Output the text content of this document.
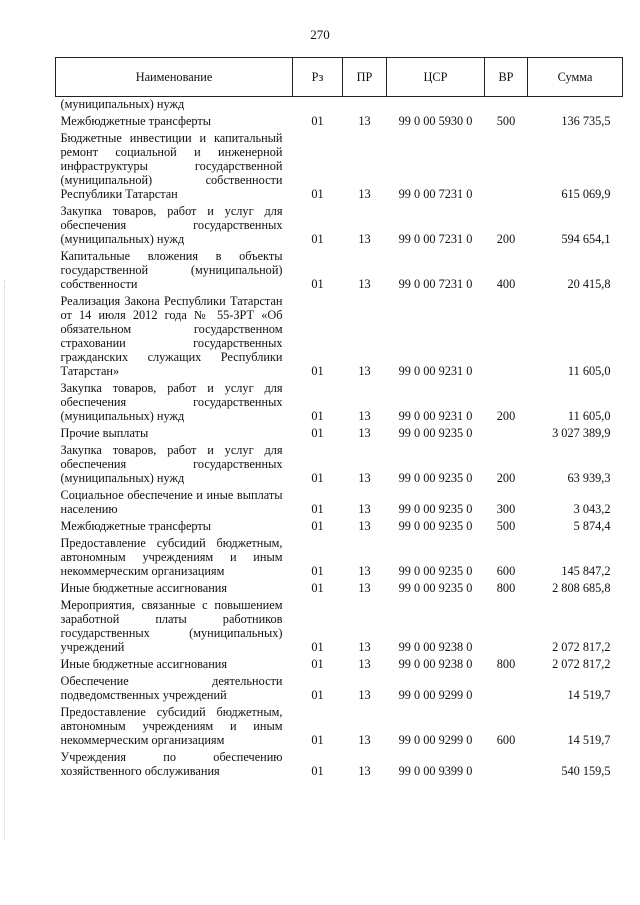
270
Наименование	Рз	ПР	ЦСР	ВР	Сумма
(муниципальных) нужд					
Межбюджетные трансферты	01	13	99 0 00 5930 0	500	136 735,5
Бюджетные инвестиции и капитальный ремонт социальной и инженерной инфраструктуры государственной (муниципальной) собственности Республики Татарстан	01	13	99 0 00 7231 0		615 069,9
Закупка товаров, работ и услуг для обеспечения государственных (муниципальных) нужд	01	13	99 0 00 7231 0	200	594 654,1
Капитальные вложения в объекты государственной (муниципальной) собственности	01	13	99 0 00 7231 0	400	20 415,8
Реализация Закона Республики Татарстан от 14 июля 2012 года № 55-ЗРТ «Об обязательном государственном страховании государственных гражданских служащих Республики Татарстан»	01	13	99 0 00 9231 0		11 605,0
Закупка товаров, работ и услуг для обеспечения государственных (муниципальных) нужд	01	13	99 0 00 9231 0	200	11 605,0
Прочие выплаты	01	13	99 0 00 9235 0		3 027 389,9
Закупка товаров, работ и услуг для обеспечения государственных (муниципальных) нужд	01	13	99 0 00 9235 0	200	63 939,3
Социальное обеспечение и иные выплаты населению	01	13	99 0 00 9235 0	300	3 043,2
Межбюджетные трансферты	01	13	99 0 00 9235 0	500	5 874,4
Предоставление субсидий бюджетным, автономным учреждениям и иным некоммерческим организациям	01	13	99 0 00 9235 0	600	145 847,2
Иные бюджетные ассигнования	01	13	99 0 00 9235 0	800	2 808 685,8
Мероприятия, связанные с повышением заработной платы работников государственных (муниципальных) учреждений	01	13	99 0 00 9238 0		2 072 817,2
Иные бюджетные ассигнования	01	13	99 0 00 9238 0	800	2 072 817,2
Обеспечение деятельности подведомственных учреждений	01	13	99 0 00 9299 0		14 519,7
Предоставление субсидий бюджетным, автономным учреждениям и иным некоммерческим организациям	01	13	99 0 00 9299 0	600	14 519,7
Учреждения по обеспечению хозяйственного обслуживания	01	13	99 0 00 9399 0		540 159,5
